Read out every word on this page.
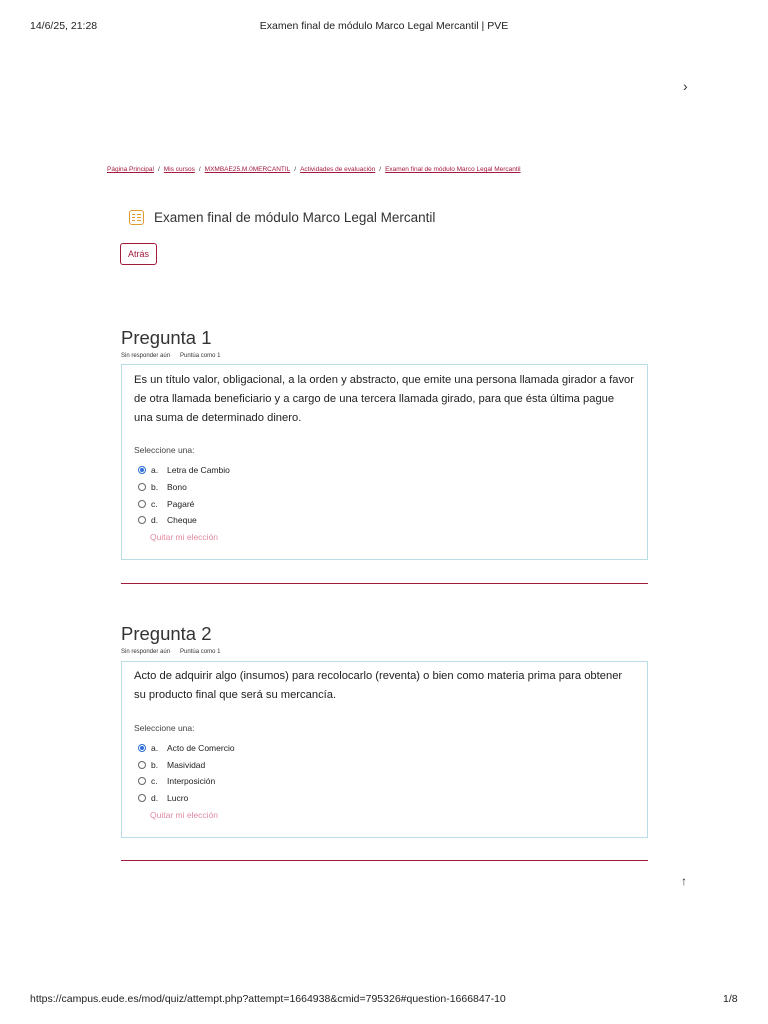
14/6/25, 21:28	Examen final de módulo Marco Legal Mercantil | PVE
›
Página Principal / Mis cursos / MXMBAE25.M.0MERCANTIL / Actividades de evaluación / Examen final de módulo Marco Legal Mercantil
Examen final de módulo Marco Legal Mercantil
Atrás
Pregunta 1
Sin responder aún Puntúa como 1
Es un título valor, obligacional, a la orden y abstracto, que emite una persona llamada girador a favor de otra llamada beneficiario y a cargo de una tercera llamada girado, para que ésta última pague una suma de determinado dinero.
Seleccione una:
a.	Letra de Cambio
b.	Bono
c.	Pagaré
d.	Cheque
Quitar mi elección
Pregunta 2
Sin responder aún Puntúa como 1
Acto de adquirir algo (insumos) para recolocarlo (reventa) o bien como materia prima para obtener su producto final que será su mercancía.
Seleccione una:
a.	Acto de Comercio
b.	Masividad
c.	Interposición
d.	Lucro
Quitar mi elección
↑
https://campus.eude.es/mod/quiz/attempt.php?attempt=1664938&cmid=795326#question-1666847-10	1/8
